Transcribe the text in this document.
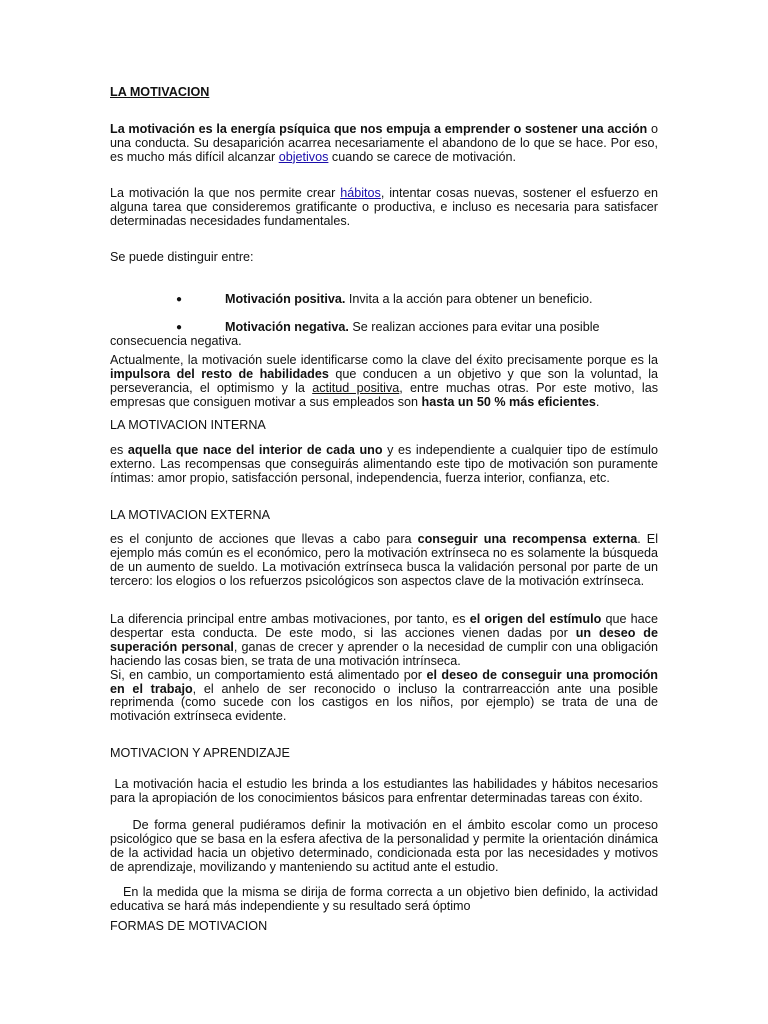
LA MOTIVACION

La motivación es la energía psíquica que nos empuja a emprender o sostener una acción o una conducta. Su desaparición acarrea necesariamente el abandono de lo que se hace. Por eso, es mucho más difícil alcanzar objetivos cuando se carece de motivación.

La motivación la que nos permite crear hábitos, intentar cosas nuevas, sostener el esfuerzo en alguna tarea que consideremos gratificante o productiva, e incluso es necesaria para satisfacer determinadas necesidades fundamentales.

Se puede distinguir entre:

●	Motivación positiva. Invita a la acción para obtener un beneficio.
●	Motivación negativa. Se realizan acciones para evitar una posible
consecuencia negativa.

Actualmente, la motivación suele identificarse como la clave del éxito precisamente porque es la impulsora del resto de habilidades que conducen a un objetivo y que son la voluntad, la perseverancia, el optimismo y la actitud positiva, entre muchas otras. Por este motivo, las empresas que consiguen motivar a sus empleados son hasta un 50 % más eficientes.

LA MOTIVACION INTERNA

es aquella que nace del interior de cada uno y es independiente a cualquier tipo de estímulo externo. Las recompensas que conseguirás alimentando este tipo de motivación son puramente íntimas: amor propio, satisfacción personal, independencia, fuerza interior, confianza, etc.

LA MOTIVACION EXTERNA

es el conjunto de acciones que llevas a cabo para conseguir una recompensa externa. El ejemplo más común es el económico, pero la motivación extrínseca no es solamente la búsqueda de un aumento de sueldo. La motivación extrínseca busca la validación personal por parte de un tercero: los elogios o los refuerzos psicológicos son aspectos clave de la motivación extrínseca.

La diferencia principal entre ambas motivaciones, por tanto, es el origen del estímulo que hace despertar esta conducta. De este modo, si las acciones vienen dadas por un deseo de superación personal, ganas de crecer y aprender o la necesidad de cumplir con una obligación haciendo las cosas bien, se trata de una motivación intrínseca.
Si, en cambio, un comportamiento está alimentado por el deseo de conseguir una promoción en el trabajo, el anhelo de ser reconocido o incluso la contrarreacción ante una posible reprimenda (como sucede con los castigos en los niños, por ejemplo) se trata de una de motivación extrínseca evidente.

MOTIVACION Y APRENDIZAJE

La motivación hacia el estudio les brinda a los estudiantes las habilidades y hábitos necesarios para la apropiación de los conocimientos básicos para enfrentar determinadas tareas con éxito.

De forma general pudiéramos definir la motivación en el ámbito escolar como un proceso psicológico que se basa en la esfera afectiva de la personalidad y permite la orientación dinámica de la actividad hacia un objetivo determinado, condicionada esta por las necesidades y motivos de aprendizaje, movilizando y manteniendo su actitud ante el estudio.

En la medida que la misma se dirija de forma correcta a un objetivo bien definido, la actividad educativa se hará más independiente y su resultado será óptimo

FORMAS DE MOTIVACION
